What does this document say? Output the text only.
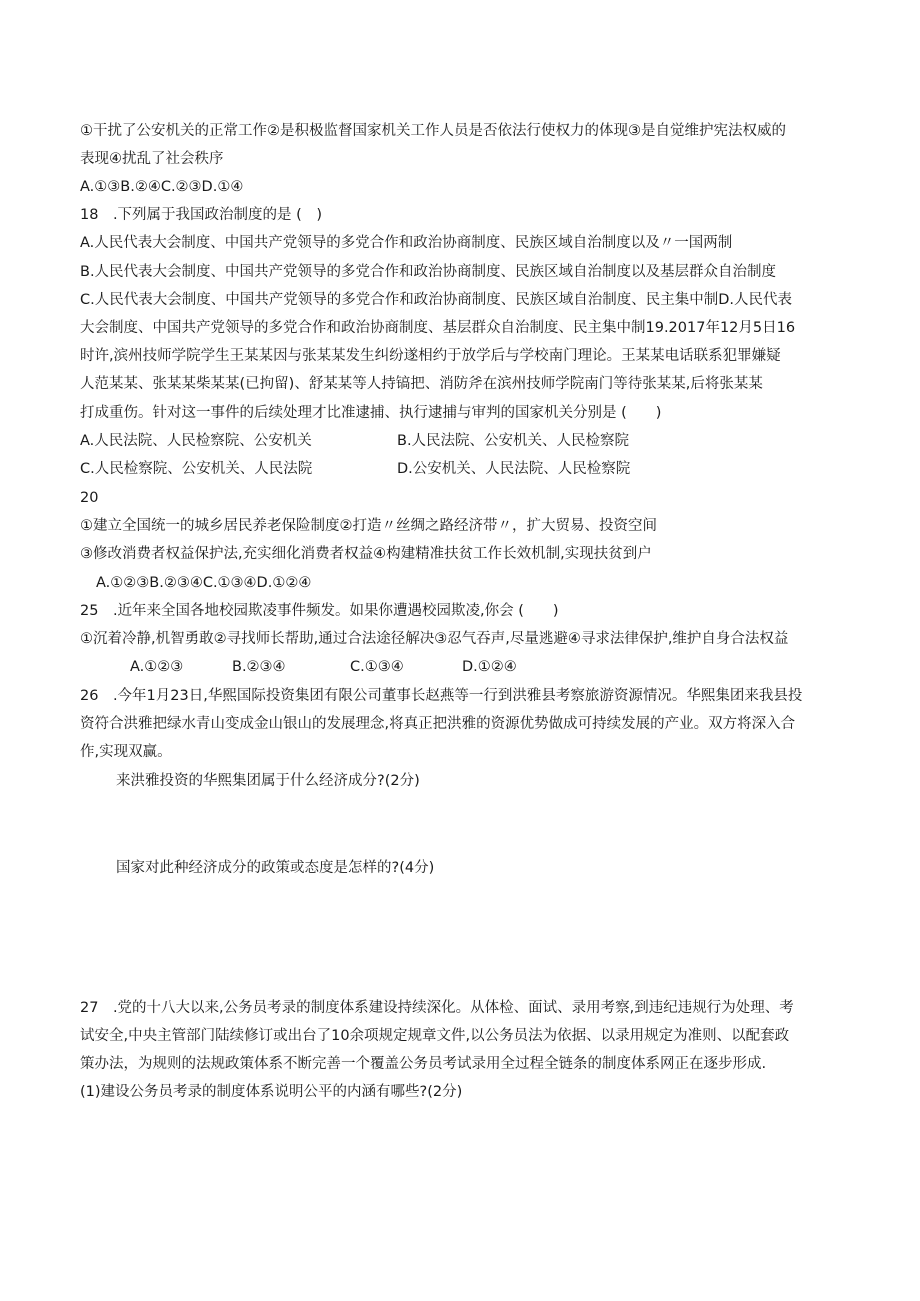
①干扰了公安机关的正常工作②是积极监督国家机关工作人员是否依法行使权力的体现③是自觉维护宪法权威的
表现④扰乱了社会秩序
A.①③B.②④C.②③D.①④
18　.下列属于我国政治制度的是 (　)
A.人民代表大会制度、中国共产党领导的多党合作和政治协商制度、民族区域自治制度以及〃一国两制
B.人民代表大会制度、中国共产党领导的多党合作和政治协商制度、民族区域自治制度以及基层群众自治制度
C.人民代表大会制度、中国共产党领导的多党合作和政治协商制度、民族区域自治制度、民主集中制D.人民代表
大会制度、中国共产党领导的多党合作和政治协商制度、基层群众自治制度、民主集中制19.2017年12月5日16
时许,滨州技师学院学生王某某因与张某某发生纠纷遂相约于放学后与学校南门理论。王某某电话联系犯罪嫌疑
人范某某、张某某柴某某(已拘留)、舒某某等人持镐把、消防斧在滨州技师学院南门等待张某某,后将张某某
打成重伤。针对这一事件的后续处理才比准逮捕、执行逮捕与审判的国家机关分别是 (　　)
A.人民法院、人民检察院、公安机关	B.人民法院、公安机关、人民检察院
C.人民检察院、公安机关、人民法院	D.公安机关、人民法院、人民检察院
20
①建立全国统一的城乡居民养老保险制度②打造〃丝绸之路经济带〃，扩大贸易、投资空间
③修改消费者权益保护法,充实细化消费者权益④构建精准扶贫工作长效机制,实现扶贫到户
A.①②③B.②③④C.①③④D.①②④
25　.近年来全国各地校园欺凌事件频发。如果你遭遇校园欺凌,你会 (　　)
①沉着冷静,机智勇敢②寻找师长帮助,通过合法途径解决③忍气吞声,尽量逃避④寻求法律保护,维护自身合法权益
A.①②③	B.②③④	C.①③④	D.①②④
26　.今年1月23日,华熙国际投资集团有限公司董事长赵燕等一行到洪雅县考察旅游资源情况。华熙集团来我县投
资符合洪雅把绿水青山变成金山银山的发展理念,将真正把洪雅的资源优势做成可持续发展的产业。双方将深入合
作,实现双赢。
来洪雅投资的华熙集团属于什么经济成分?(2分)
国家对此种经济成分的政策或态度是怎样的?(4分)
27　.党的十八大以来,公务员考录的制度体系建设持续深化。从体检、面试、录用考察,到违纪违规行为处理、考
试安全,中央主管部门陆续修订或出台了10余项规定规章文件,以公务员法为依据、以录用规定为准则、以配套政
策办法，为规则的法规政策体系不断完善一个覆盖公务员考试录用全过程全链条的制度体系网正在逐步形成.
(1)建设公务员考录的制度体系说明公平的内涵有哪些?(2分)
